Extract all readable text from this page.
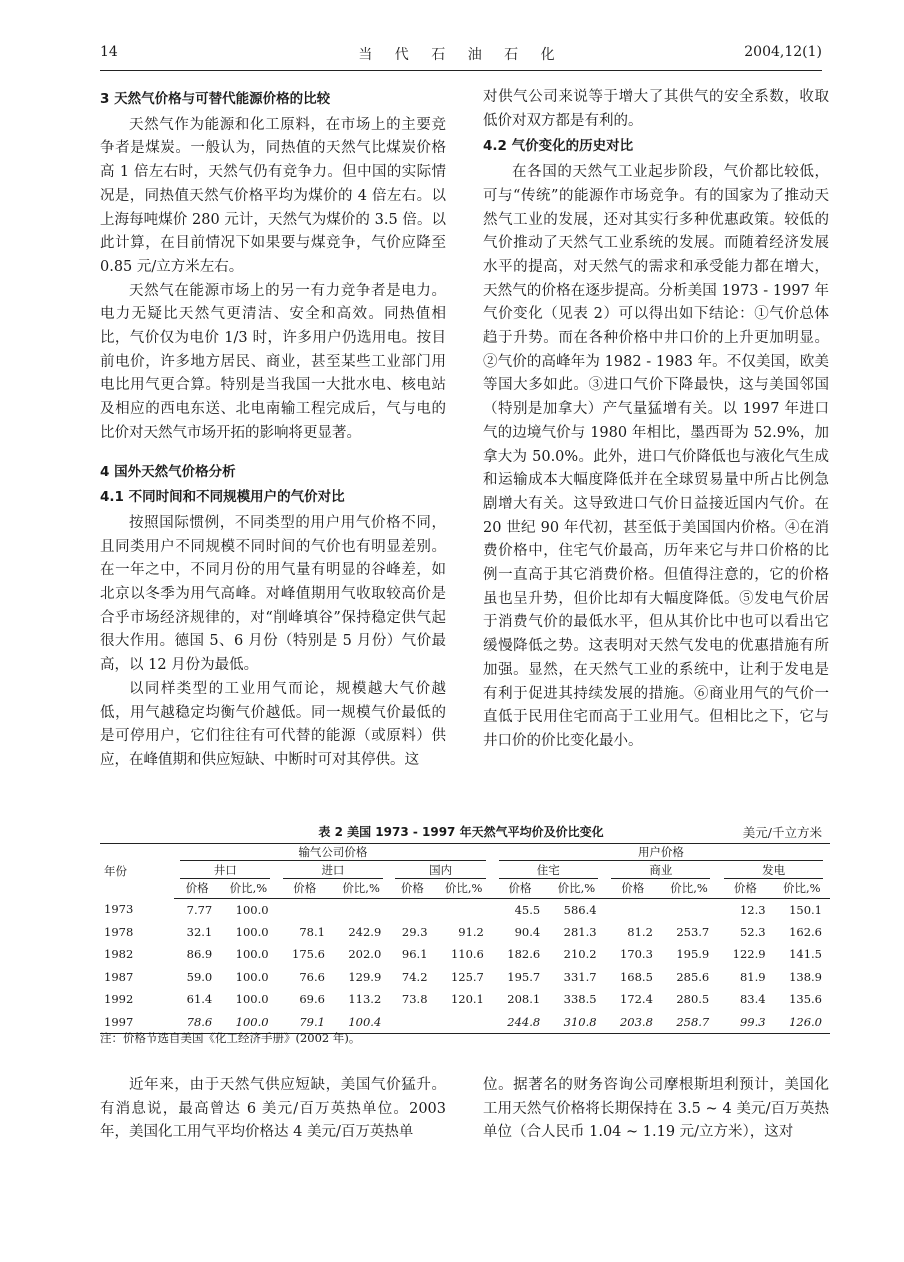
14	当 代 石 油 石 化	2004,12(1)
3 天然气价格与可替代能源价格的比较

天然气作为能源和化工原料，在市场上的主要竞争者是煤炭。一般认为，同热值的天然气比煤炭价格高 1 倍左右时，天然气仍有竞争力。但中国的实际情况是，同热值天然气价格平均为煤价的 4 倍左右。以上海每吨煤价 280 元计，天然气为煤价的 3.5 倍。以此计算，在目前情况下如果要与煤竞争，气价应降至 0.85 元/立方米左右。

天然气在能源市场上的另一有力竞争者是电力。电力无疑比天然气更清洁、安全和高效。同热值相比，气价仅为电价 1/3 时，许多用户仍选用电。按目前电价，许多地方居民、商业，甚至某些工业部门用电比用气更合算。特别是当我国一大批水电、核电站及相应的西电东送、北电南输工程完成后，气与电的比价对天然气市场开拓的影响将更显著。

4 国外天然气价格分析
4.1 不同时间和不同规模用户的气价对比

按照国际惯例，不同类型的用户用气价格不同，且同类用户不同规模不同时间的气价也有明显差别。在一年之中，不同月份的用气量有明显的谷峰差，如北京以冬季为用气高峰。对峰值期用气收取较高价是合乎市场经济规律的，对“削峰填谷”保持稳定供气起很大作用。德国 5、6 月份（特别是 5 月份）气价最高，以 12 月份为最低。

以同样类型的工业用气而论，规模越大气价越低，用气越稳定均衡气价越低。同一规模气价最低的是可停用户，它们往往有可代替的能源（或原料）供应，在峰值期和供应短缺、中断时可对其停供。这

对供气公司来说等于增大了其供气的安全系数，收取低价对双方都是有利的。

4.2 气价变化的历史对比

在各国的天然气工业起步阶段，气价都比较低，可与“传统”的能源作市场竞争。有的国家为了推动天然气工业的发展，还对其实行多种优惠政策。较低的气价推动了天然气工业系统的发展。而随着经济发展水平的提高，对天然气的需求和承受能力都在增大，天然气的价格在逐步提高。分析美国 1973 - 1997 年气价变化（见表 2）可以得出如下结论：①气价总体趋于升势。而在各种价格中井口价的上升更加明显。②气价的高峰年为 1982 - 1983 年。不仅美国，欧美等国大多如此。③进口气价下降最快，这与美国邻国（特别是加拿大）产气量猛增有关。以 1997 年进口气的边境气价与 1980 年相比，墨西哥为 52.9%，加拿大为 50.0%。此外，进口气价降低也与液化气生成和运输成本大幅度降低并在全球贸易量中所占比例急剧增大有关。这导致进口气价日益接近国内气价。在 20 世纪 90 年代初，甚至低于美国国内价格。④在消费价格中，住宅气价最高，历年来它与井口价格的比例一直高于其它消费价格。但值得注意的，它的价格虽也呈升势，但价比却有大幅度降低。⑤发电气价居于消费气价的最低水平，但从其价比中也可以看出它缓慢降低之势。这表明对天然气发电的优惠措施有所加强。显然，在天然气工业的系统中，让利于发电是有利于促进其持续发展的措施。⑥商业用气的气价一直低于民用住宅而高于工业用气。但相比之下，它与井口价的价比变化最小。

表 2 美国 1973 - 1997 年天然气平均价及价比变化	美元/千立方米
年份	输气公司价格						用户价格					
	井口		进口		国内		住宅		商业		发电	
	价格	价比,%	价格	价比,%	价格	价比,%	价格	价比,%	价格	价比,%	价格	价比,%
1973	7.77	100.0					45.5	586.4			12.3	150.1
1978	32.1	100.0	78.1	242.9	29.3	91.2	90.4	281.3	81.2	253.7	52.3	162.6
1982	86.9	100.0	175.6	202.0	96.1	110.6	182.6	210.2	170.3	195.9	122.9	141.5
1987	59.0	100.0	76.6	129.9	74.2	125.7	195.7	331.7	168.5	285.6	81.9	138.9
1992	61.4	100.0	69.6	113.2	73.8	120.1	208.1	338.5	172.4	280.5	83.4	135.6
1997	78.6	100.0	79.1	100.4			244.8	310.8	203.8	258.7	99.3	126.0
注：价格节选自美国《化工经济手册》(2002 年)。

近年来，由于天然气供应短缺，美国气价猛升。有消息说，最高曾达 6 美元/百万英热单位。2003 年，美国化工用气平均价格达 4 美元/百万英热单

位。据著名的财务咨询公司摩根斯坦利预计，美国化工用天然气价格将长期保持在 3.5 ~ 4 美元/百万英热单位（合人民币 1.04 ~ 1.19 元/立方米），这对
